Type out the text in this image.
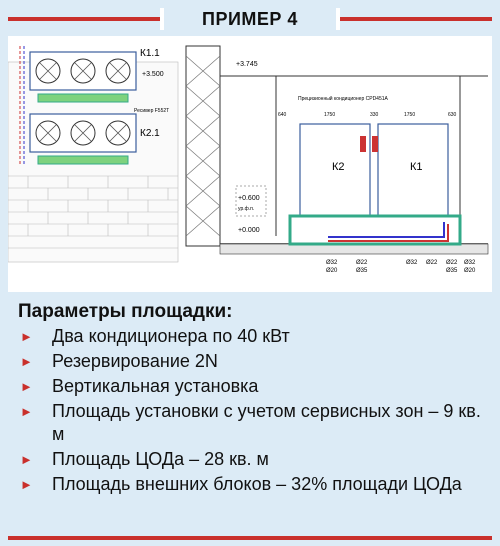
ПРИМЕР 4
К1.1
+3.500
Ресивер F552T
К2.1
+3.745
Прецизионный кондиционер CPD451A
640	1750	330	1750	630
К2	К1
+0.600
ур.ф.п.
+0.000
Ø32
Ø20
Ø22
Ø35
Ø32 Ø22 Ø22
Ø35
Ø32
Ø20
Параметры площадки:
► Два кондиционера по 40 кВт
► Резервирование 2N
► Вертикальная установка
► Площадь установки с учетом сервисных зон – 9 кв. м
► Площадь ЦОДа – 28 кв. м
► Площадь внешних блоков – 32% площади ЦОДа
